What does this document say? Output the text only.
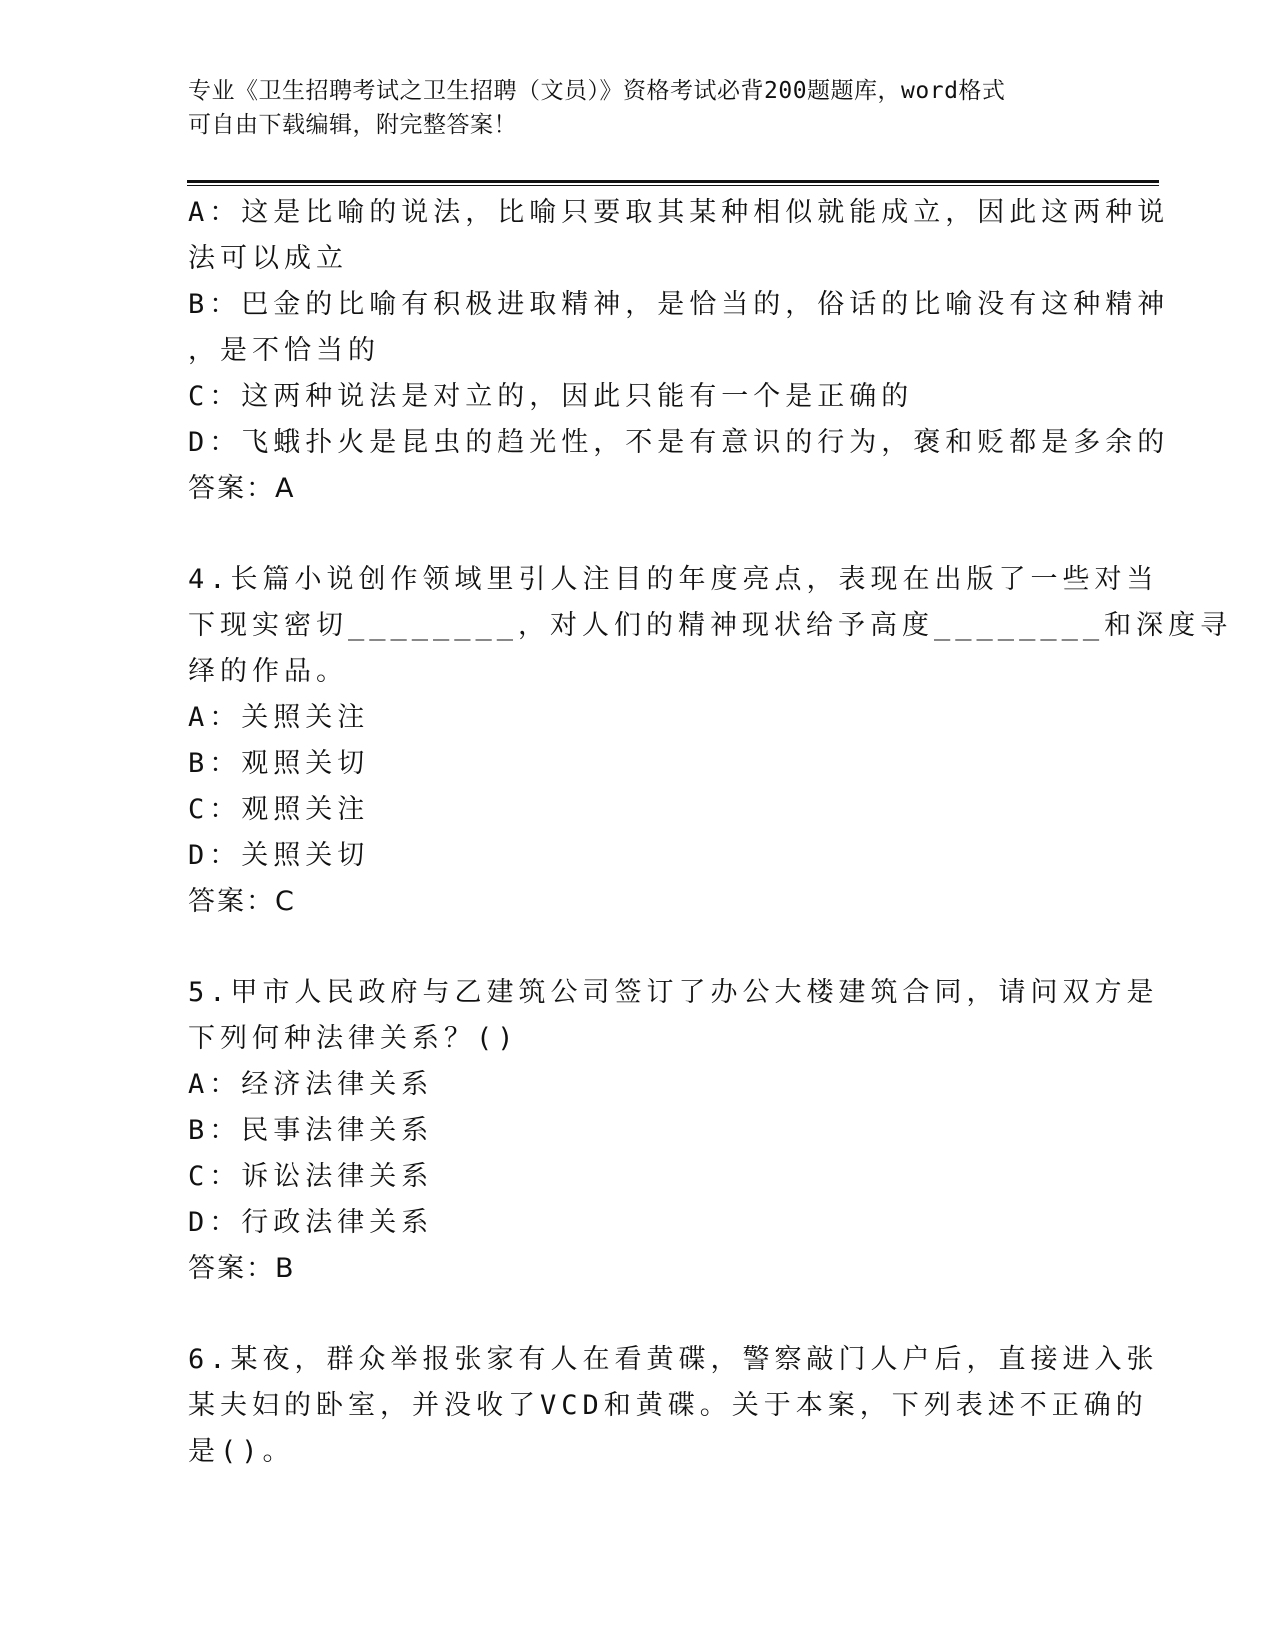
专业《卫生招聘考试之卫生招聘（文员）》资格考试必背200题题库，word格式
可自由下载编辑，附完整答案！
A：这是比喻的说法，比喻只要取其某种相似就能成立，因此这两种说
法可以成立
B：巴金的比喻有积极进取精神，是恰当的，俗话的比喻没有这种精神
，是不恰当的
C：这两种说法是对立的，因此只能有一个是正确的
D：飞蛾扑火是昆虫的趋光性，不是有意识的行为，褒和贬都是多余的
答案：A
4.长篇小说创作领域里引人注目的年度亮点，表现在出版了一些对当
下现实密切________，对人们的精神现状给予高度________和深度寻
绎的作品。
A：关照关注
B：观照关切
C：观照关注
D：关照关切
答案：C
5.甲市人民政府与乙建筑公司签订了办公大楼建筑合同，请问双方是
下列何种法律关系？()
A：经济法律关系
B：民事法律关系
C：诉讼法律关系
D：行政法律关系
答案：B
6.某夜，群众举报张家有人在看黄碟，警察敲门人户后，直接进入张
某夫妇的卧室，并没收了VCD和黄碟。关于本案，下列表述不正确的
是()。
